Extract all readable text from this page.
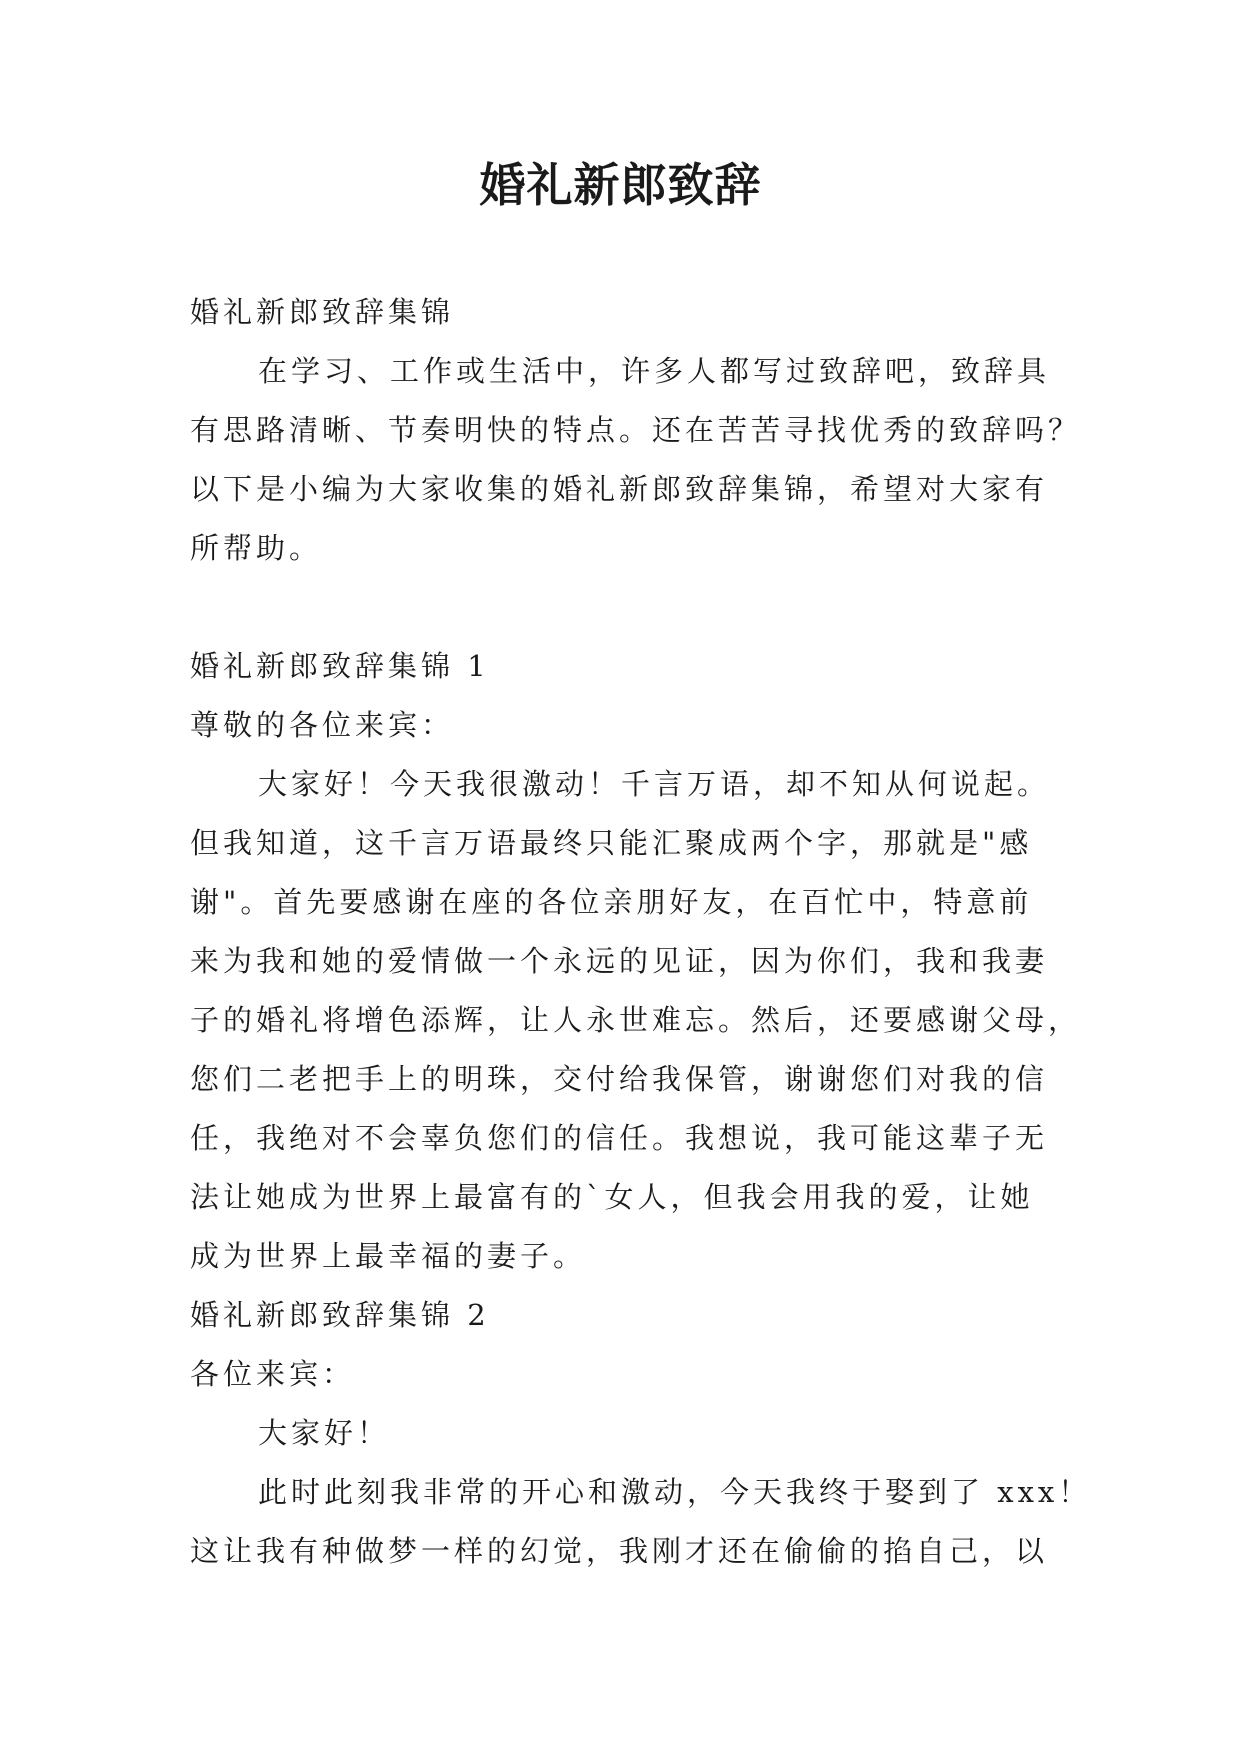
婚礼新郎致辞
婚礼新郎致辞集锦
在学习、工作或生活中，许多人都写过致辞吧，致辞具
有思路清晰、节奏明快的特点。还在苦苦寻找优秀的致辞吗？
以下是小编为大家收集的婚礼新郎致辞集锦，希望对大家有
所帮助。
婚礼新郎致辞集锦 1
尊敬的各位来宾：
大家好！今天我很激动！千言万语，却不知从何说起。
但我知道，这千言万语最终只能汇聚成两个字，那就是"感
谢"。首先要感谢在座的各位亲朋好友，在百忙中，特意前
来为我和她的爱情做一个永远的见证，因为你们，我和我妻
子的婚礼将增色添辉，让人永世难忘。然后，还要感谢父母，
您们二老把手上的明珠，交付给我保管，谢谢您们对我的信
任，我绝对不会辜负您们的信任。我想说，我可能这辈子无
法让她成为世界上最富有的`女人，但我会用我的爱，让她
成为世界上最幸福的妻子。
婚礼新郎致辞集锦 2
各位来宾：
大家好！
此时此刻我非常的开心和激动，今天我终于娶到了 xxx！
这让我有种做梦一样的幻觉，我刚才还在偷偷的掐自己，以
